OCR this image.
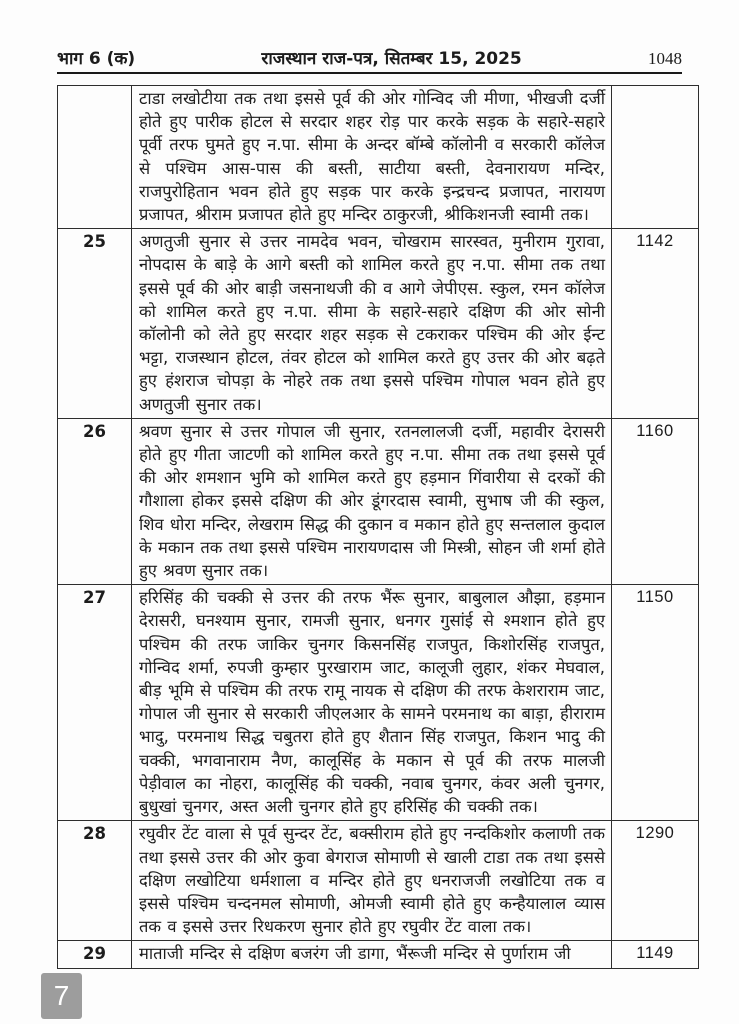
भाग 6 (क)	राजस्थान राज-पत्र, सितम्बर 15, 2025	1048
	टाडा लखोटीया तक तथा इससे पूर्व की ओर गोन्विद जी मीणा, भीखजी दर्जी होते हुए पारीक होटल से सरदार शहर रोड़ पार करके सड़क के सहारे-सहारे पूर्वी तरफ घुमते हुए न.पा. सीमा के अन्दर बॉम्बे कॉलोनी व सरकारी कॉलेज से पश्चिम आस-पास की बस्ती, साटीया बस्ती, देवनारायण मन्दिर, राजपुरोहितान भवन होते हुए सड़क पार करके इन्द्रचन्द प्रजापत, नारायण प्रजापत, श्रीराम प्रजापत होते हुए मन्दिर ठाकुरजी, श्रीकिशनजी स्वामी तक।	
25	अणतुजी सुनार से उत्तर नामदेव भवन, चोखराम सारस्वत, मुनीराम गुरावा, नोपदास के बाड़े के आगे बस्ती को शामिल करते हुए न.पा. सीमा तक तथा इससे पूर्व की ओर बाड़ी जसनाथजी की व आगे जेपीएस. स्कुल, रमन कॉलेज को शामिल करते हुए न.पा. सीमा के सहारे-सहारे दक्षिण की ओर सोनी कॉलोनी को लेते हुए सरदार शहर सड़क से टकराकर पश्चिम की ओर ईन्ट भट्टा, राजस्थान होटल, तंवर होटल को शामिल करते हुए उत्तर की ओर बढ़ते हुए हंशराज चोपड़ा के नोहरे तक तथा इससे पश्चिम गोपाल भवन होते हुए अणतुजी सुनार तक।	1142
26	श्रवण सुनार से उत्तर गोपाल जी सुनार, रतनलालजी दर्जी, महावीर देरासरी होते हुए गीता जाटणी को शामिल करते हुए न.पा. सीमा तक तथा इससे पूर्व की ओर शमशान भुमि को शामिल करते हुए हड़मान गिंवारीया से दरकों की गौशाला होकर इससे दक्षिण की ओर डूंगरदास स्वामी, सुभाष जी की स्कुल, शिव धोरा मन्दिर, लेखराम सिद्ध की दुकान व मकान होते हुए सन्तलाल कुदाल के मकान तक तथा इससे पश्चिम नारायणदास जी मिस्त्री, सोहन जी शर्मा होते हुए श्रवण सुनार तक।	1160
27	हरिसिंह की चक्की से उत्तर की तरफ भैंरू सुनार, बाबुलाल औझा, हड़मान देरासरी, घनश्याम सुनार, रामजी सुनार, धनगर गुसांई से श्मशान होते हुए पश्चिम की तरफ जाकिर चुनगर किसनसिंह राजपुत, किशोरसिंह राजपुत, गोन्विद शर्मा, रुपजी कुम्हार पुरखाराम जाट, कालूजी लुहार, शंकर मेघवाल, बीड़ भूमि से पश्चिम की तरफ रामू नायक से दक्षिण की तरफ केशराराम जाट, गोपाल जी सुनार से सरकारी जीएलआर के सामने परमनाथ का बाड़ा, हीराराम भादु, परमनाथ सिद्ध चबुतरा होते हुए शैतान सिंह राजपुत, किशन भादु की चक्की, भगवानाराम नैण, कालूसिंह के मकान से पूर्व की तरफ मालजी पेड़ीवाल का नोहरा, कालूसिंह की चक्की, नवाब चुनगर, कंवर अली चुनगर, बुधुखां चुनगर, अस्त अली चुनगर होते हुए हरिसिंह की चक्की तक।	1150
28	रघुवीर टेंट वाला से पूर्व सुन्दर टेंट, बक्सीराम होते हुए नन्दकिशोर कलाणी तक तथा इससे उत्तर की ओर कुवा बेगराज सोमाणी से खाली टाडा तक तथा इससे दक्षिण लखोटिया धर्मशाला व मन्दिर होते हुए धनराजजी लखोटिया तक व इससे पश्चिम चन्दनमल सोमाणी, ओमजी स्वामी होते हुए कन्हैयालाल व्यास तक व इससे उत्तर रिधकरण सुनार होते हुए रघुवीर टेंट वाला तक।	1290
29	माताजी मन्दिर से दक्षिण बजरंग जी डागा, भैंरूजी मन्दिर से पुर्णाराम जी	1149
7
